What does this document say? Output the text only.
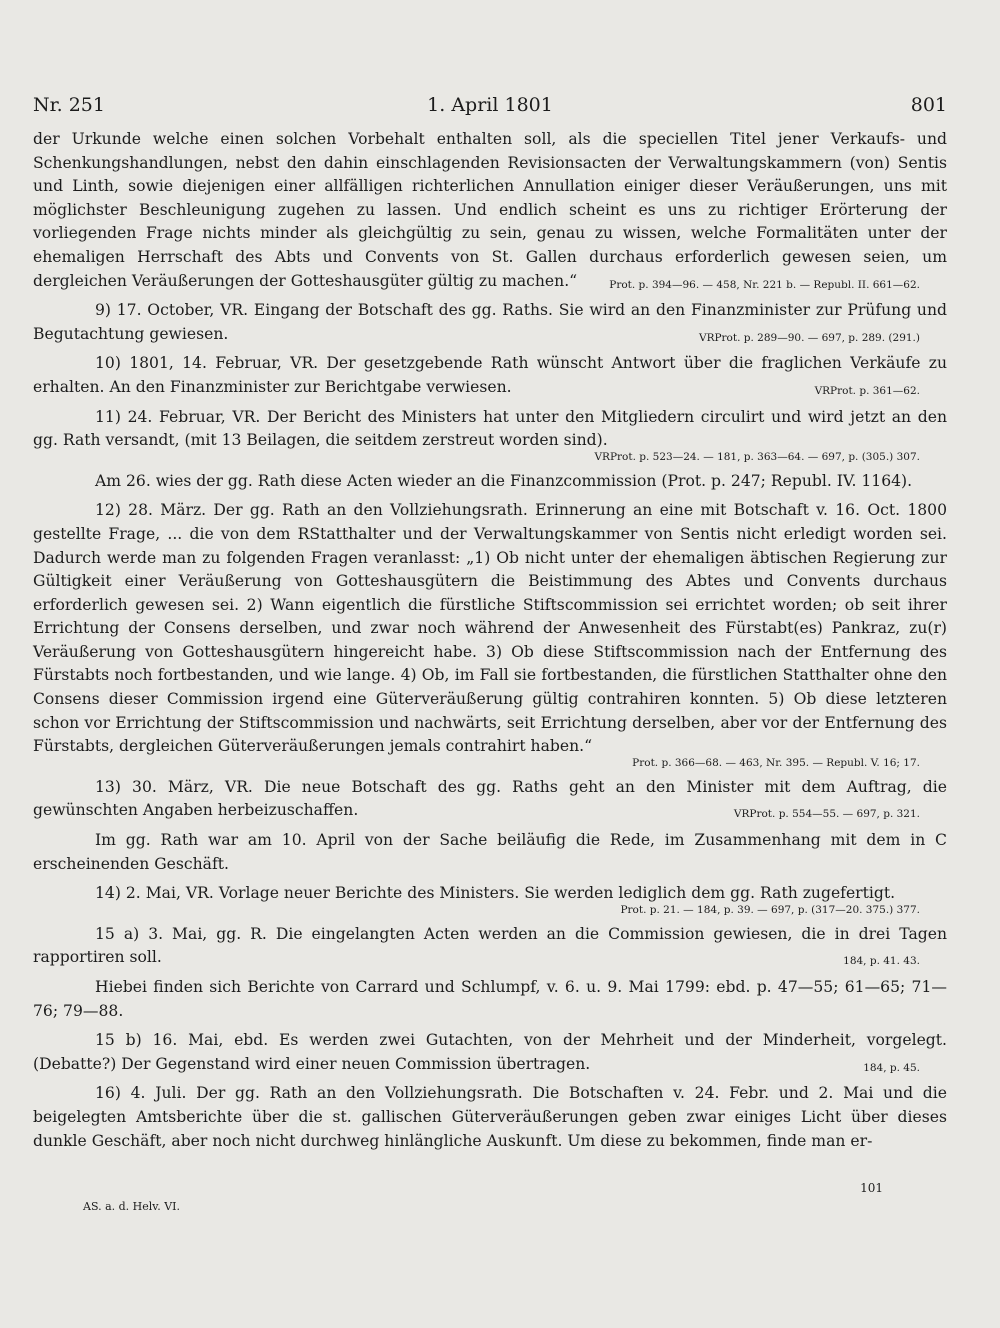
Nr. 251	1. April 1801	801

der Urkunde welche einen solchen Vorbehalt enthalten soll, als die speciellen Titel jener Verkaufs- und Schenkungshandlungen, nebst den dahin einschlagenden Revisionsacten der Verwaltungskammern (von) Sentis und Linth, sowie diejenigen einer allfälligen richterlichen Annullation einiger dieser Veräußerungen, uns mit möglichster Beschleunigung zugehen zu lassen. Und endlich scheint es uns zu richtiger Erörterung der vorliegenden Frage nichts minder als gleichgültig zu sein, genau zu wissen, welche Formalitäten unter der ehemaligen Herrschaft des Abts und Convents von St. Gallen durchaus erforderlich gewesen seien, um dergleichen Veräußerungen der Gotteshausgüter gültig zu machen.“	Prot. p. 394—96. — 458, Nr. 221 b. — Republ. II. 661—62.

9) 17. October, VR. Eingang der Botschaft des gg. Raths. Sie wird an den Finanzminister zur Prüfung und Begutachtung gewiesen.	VRProt. p. 289—90. — 697, p. 289. (291.)

10) 1801, 14. Februar, VR. Der gesetzgebende Rath wünscht Antwort über die fraglichen Verkäufe zu erhalten. An den Finanzminister zur Berichtgabe verwiesen.	VRProt. p. 361—62.

11) 24. Februar, VR. Der Bericht des Ministers hat unter den Mitgliedern circulirt und wird jetzt an den gg. Rath versandt, (mit 13 Beilagen, die seitdem zerstreut worden sind).
VRProt. p. 523—24. — 181, p. 363—64. — 697, p. (305.) 307.

Am 26. wies der gg. Rath diese Acten wieder an die Finanzcommission (Prot. p. 247; Republ. IV. 1164).

12) 28. März. Der gg. Rath an den Vollziehungsrath. Erinnerung an eine mit Botschaft v. 16. Oct. 1800 gestellte Frage, ... die von dem RStatthalter und der Verwaltungskammer von Sentis nicht erledigt worden sei. Dadurch werde man zu folgenden Fragen veranlasst: „1) Ob nicht unter der ehemaligen äbtischen Regierung zur Gültigkeit einer Veräußerung von Gotteshausgütern die Beistimmung des Abtes und Convents durchaus erforderlich gewesen sei. 2) Wann eigentlich die fürstliche Stiftscommission sei errichtet worden; ob seit ihrer Errichtung der Consens derselben, und zwar noch während der Anwesenheit des Fürstabt(es) Pankraz, zu(r) Veräußerung von Gotteshausgütern hingereicht habe. 3) Ob diese Stiftscommission nach der Entfernung des Fürstabts noch fortbestanden, und wie lange. 4) Ob, im Fall sie fortbestanden, die fürstlichen Statthalter ohne den Consens dieser Commission irgend eine Güterveräußerung gültig contrahiren konnten. 5) Ob diese letzteren schon vor Errichtung der Stiftscommission und nachwärts, seit Errichtung derselben, aber vor der Entfernung des Fürstabts, dergleichen Güterveräußerungen jemals contrahirt haben.“
Prot. p. 366—68. — 463, Nr. 395. — Republ. V. 16; 17.

13) 30. März, VR. Die neue Botschaft des gg. Raths geht an den Minister mit dem Auftrag, die gewünschten Angaben herbeizuschaffen.	VRProt. p. 554—55. — 697, p. 321.

Im gg. Rath war am 10. April von der Sache beiläufig die Rede, im Zusammenhang mit dem in C erscheinenden Geschäft.

14) 2. Mai, VR. Vorlage neuer Berichte des Ministers. Sie werden lediglich dem gg. Rath zugefertigt.
Prot. p. 21. — 184, p. 39. — 697, p. (317—20. 375.) 377.

15 a) 3. Mai, gg. R. Die eingelangten Acten werden an die Commission gewiesen, die in drei Tagen rapportiren soll.	184, p. 41. 43.

Hiebei finden sich Berichte von Carrard und Schlumpf, v. 6. u. 9. Mai 1799: ebd. p. 47—55; 61—65; 71—76; 79—88.

15 b) 16. Mai, ebd. Es werden zwei Gutachten, von der Mehrheit und der Minderheit, vorgelegt. (Debatte?) Der Gegenstand wird einer neuen Commission übertragen.	184, p. 45.

16) 4. Juli. Der gg. Rath an den Vollziehungsrath. Die Botschaften v. 24. Febr. und 2. Mai und die beigelegten Amtsberichte über die st. gallischen Güterveräußerungen geben zwar einiges Licht über dieses dunkle Geschäft, aber noch nicht durchweg hinlängliche Auskunft. Um diese zu bekommen, finde man er-

AS. a. d. Helv. VI.
101
